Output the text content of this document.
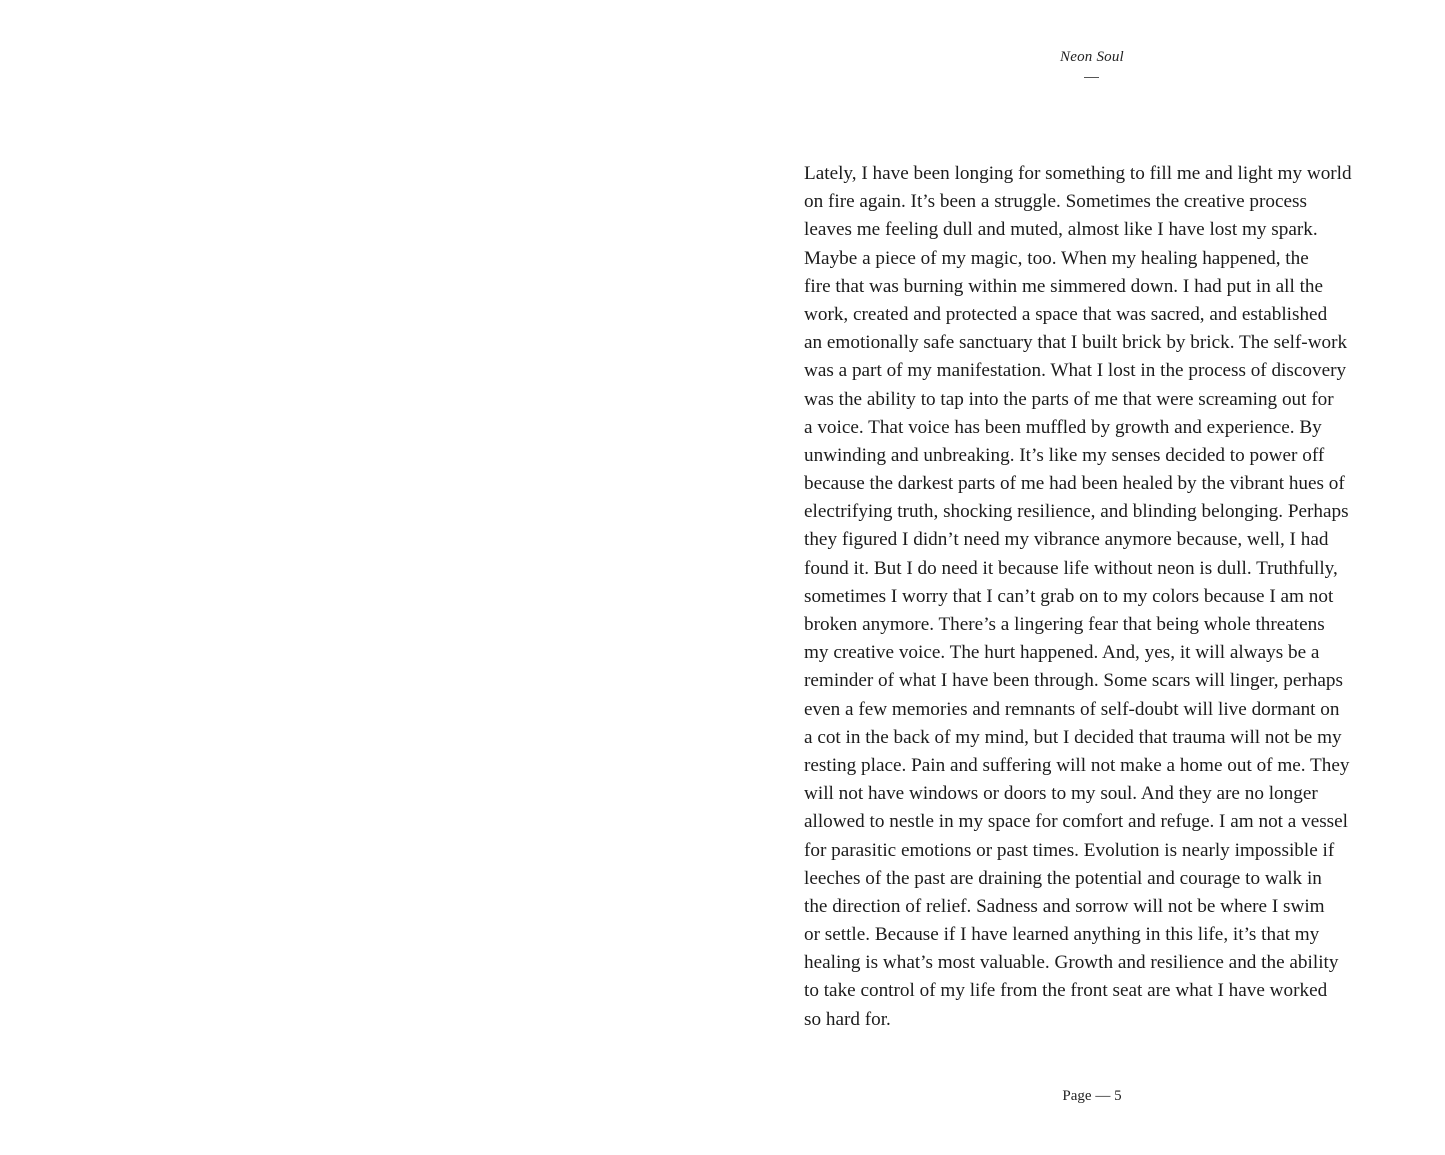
Neon Soul
Lately, I have been longing for something to fill me and light my world
on fire again. It’s been a struggle. Sometimes the creative process
leaves me feeling dull and muted, almost like I have lost my spark.
Maybe a piece of my magic, too. When my healing happened, the
fire that was burning within me simmered down. I had put in all the
work, created and protected a space that was sacred, and established
an emotionally safe sanctuary that I built brick by brick. The self-work
was a part of my manifestation. What I lost in the process of discovery
was the ability to tap into the parts of me that were screaming out for
a voice. That voice has been muffled by growth and experience. By
unwinding and unbreaking. It’s like my senses decided to power off
because the darkest parts of me had been healed by the vibrant hues of
electrifying truth, shocking resilience, and blinding belonging. Perhaps
they figured I didn’t need my vibrance anymore because, well, I had
found it. But I do need it because life without neon is dull. Truthfully,
sometimes I worry that I can’t grab on to my colors because I am not
broken anymore. There’s a lingering fear that being whole threatens
my creative voice. The hurt happened. And, yes, it will always be a
reminder of what I have been through. Some scars will linger, perhaps
even a few memories and remnants of self-doubt will live dormant on
a cot in the back of my mind, but I decided that trauma will not be my
resting place. Pain and suffering will not make a home out of me. They
will not have windows or doors to my soul. And they are no longer
allowed to nestle in my space for comfort and refuge. I am not a vessel
for parasitic emotions or past times. Evolution is nearly impossible if
leeches of the past are draining the potential and courage to walk in
the direction of relief. Sadness and sorrow will not be where I swim
or settle. Because if I have learned anything in this life, it’s that my
healing is what’s most valuable. Growth and resilience and the ability
to take control of my life from the front seat are what I have worked
so hard for.
Page — 5
